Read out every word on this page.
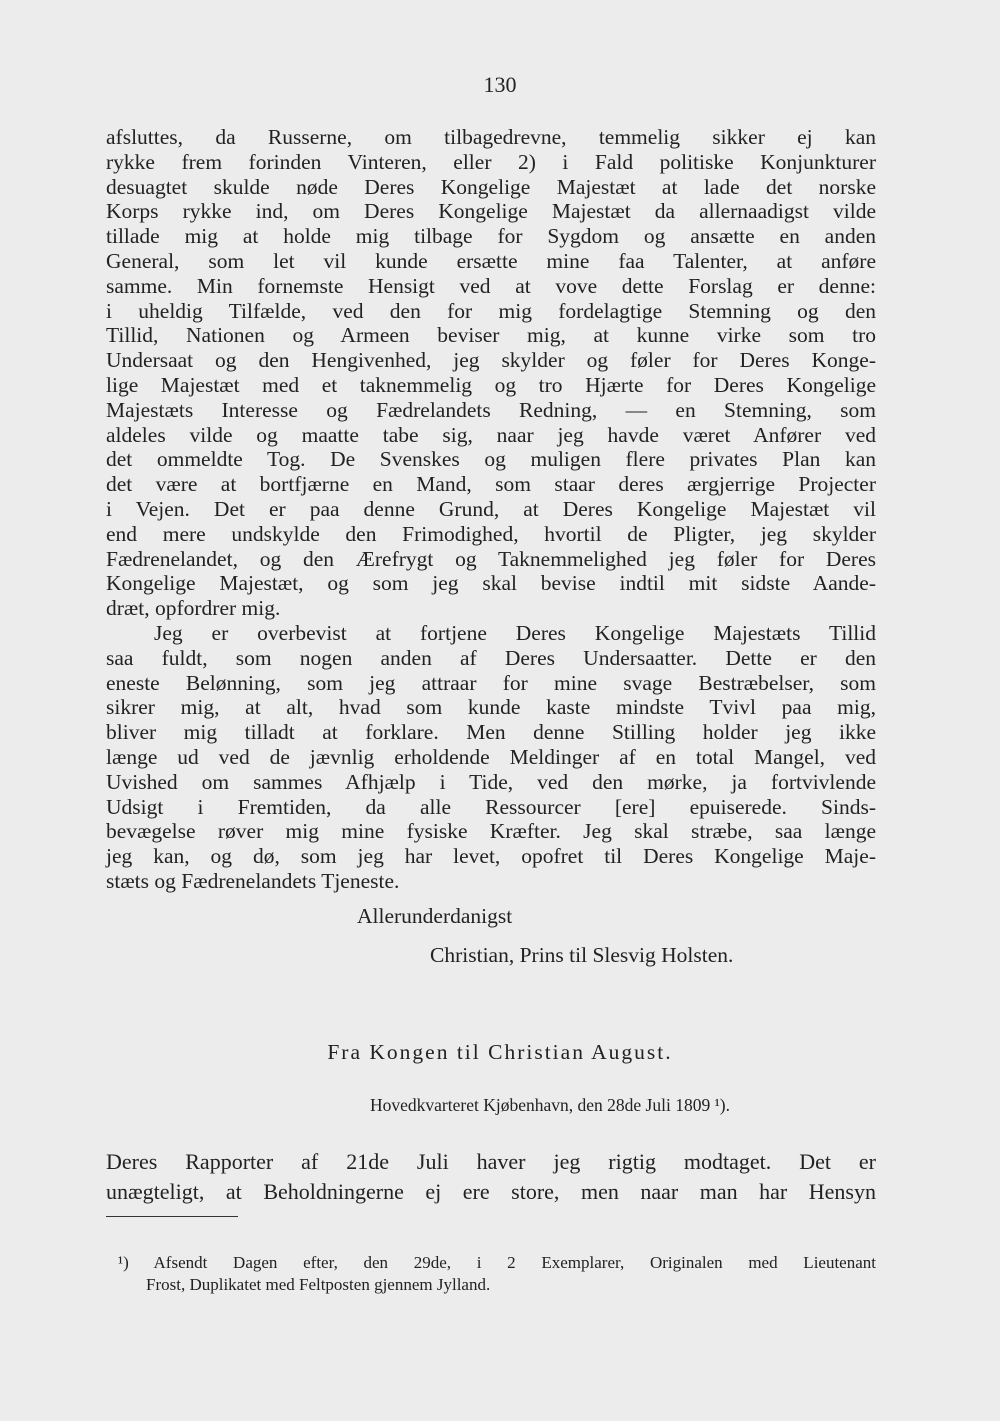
130
afsluttes, da Russerne, om tilbagedrevne, temmelig sikker ej kan
rykke frem forinden Vinteren, eller 2) i Fald politiske Konjunkturer
desuagtet skulde nøde Deres Kongelige Majestæt at lade det norske
Korps rykke ind, om Deres Kongelige Majestæt da allernaadigst vilde
tillade mig at holde mig tilbage for Sygdom og ansætte en anden
General, som let vil kunde ersætte mine faa Talenter, at anføre
samme. Min fornemste Hensigt ved at vove dette Forslag er denne:
i uheldig Tilfælde, ved den for mig fordelagtige Stemning og den
Tillid, Nationen og Armeen beviser mig, at kunne virke som tro
Undersaat og den Hengivenhed, jeg skylder og føler for Deres Konge-
lige Majestæt med et taknemmelig og tro Hjærte for Deres Kongelige
Majestæts Interesse og Fædrelandets Redning, — en Stemning, som
aldeles vilde og maatte tabe sig, naar jeg havde været Anfører ved
det ommeldte Tog. De Svenskes og muligen flere privates Plan kan
det være at bortfjærne en Mand, som staar deres ærgjerrige Projecter
i Vejen. Det er paa denne Grund, at Deres Kongelige Majestæt vil
end mere undskylde den Frimodighed, hvortil de Pligter, jeg skylder
Fædrenelandet, og den Ærefrygt og Taknemmelighed jeg føler for Deres
Kongelige Majestæt, og som jeg skal bevise indtil mit sidste Aande-
dræt, opfordrer mig.
Jeg er overbevist at fortjene Deres Kongelige Majestæts Tillid
saa fuldt, som nogen anden af Deres Undersaatter. Dette er den
eneste Belønning, som jeg attraar for mine svage Bestræbelser, som
sikrer mig, at alt, hvad som kunde kaste mindste Tvivl paa mig,
bliver mig tilladt at forklare. Men denne Stilling holder jeg ikke
længe ud ved de jævnlig erholdende Meldinger af en total Mangel, ved
Uvished om sammes Afhjælp i Tide, ved den mørke, ja fortvivlende
Udsigt i Fremtiden, da alle Ressourcer [ere] epuiserede. Sinds-
bevægelse røver mig mine fysiske Kræfter. Jeg skal stræbe, saa længe
jeg kan, og dø, som jeg har levet, opofret til Deres Kongelige Maje-
stæts og Fædrenelandets Tjeneste.
Allerunderdanigst
Christian, Prins til Slesvig Holsten.
Fra Kongen til Christian August.
Hovedkvarteret Kjøbenhavn, den 28de Juli 1809 ¹).
Deres Rapporter af 21de Juli haver jeg rigtig modtaget. Det er
unægteligt, at Beholdningerne ej ere store, men naar man har Hensyn
¹) Afsendt Dagen efter, den 29de, i 2 Exemplarer, Originalen med Lieutenant
Frost, Duplikatet med Feltposten gjennem Jylland.
